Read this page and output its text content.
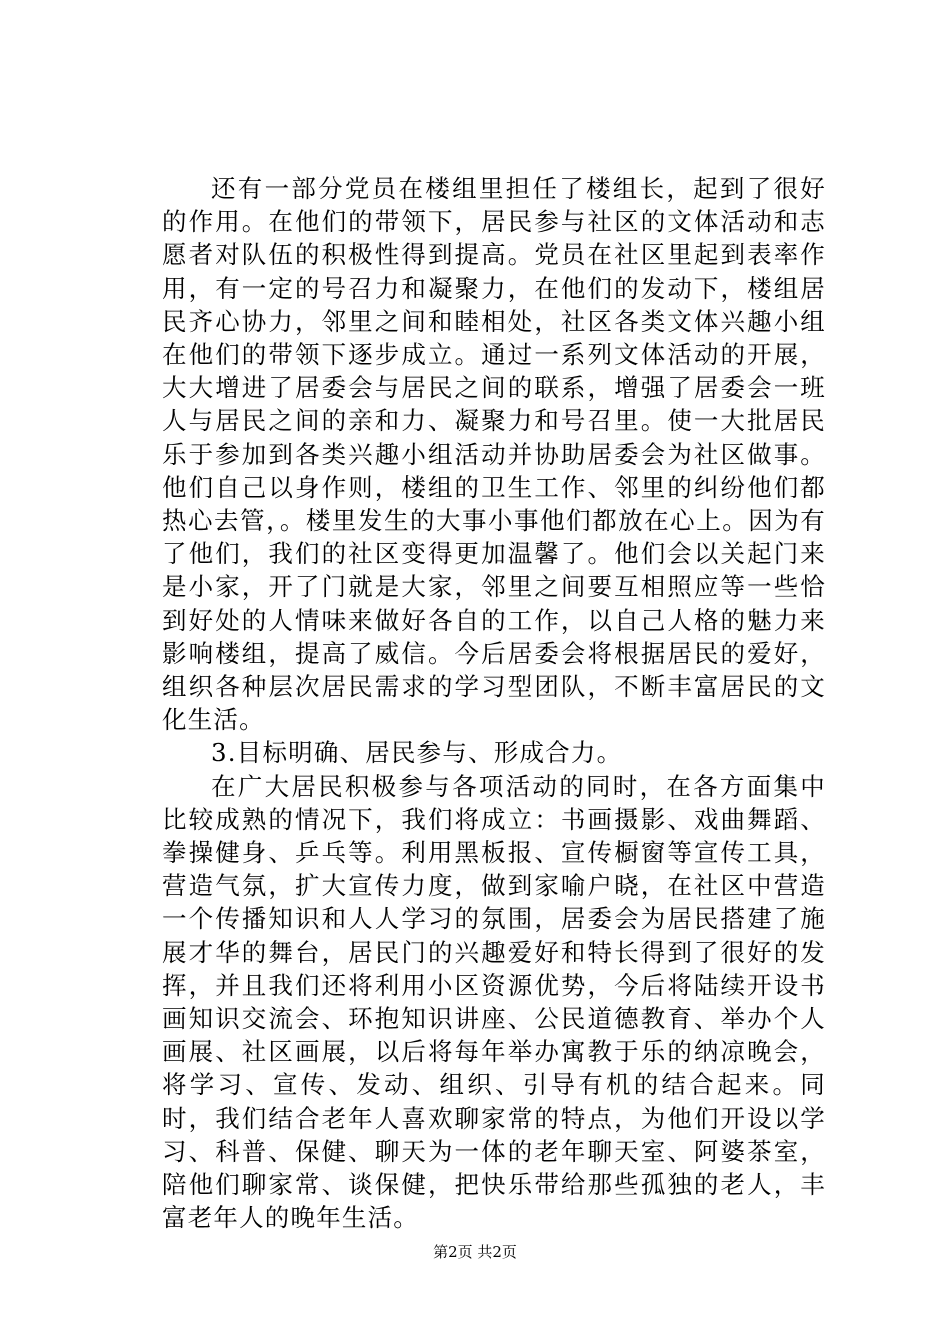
还有一部分党员在楼组里担任了楼组长，起到了很好的作用。在他们的带领下，居民参与社区的文体活动和志愿者对队伍的积极性得到提高。党员在社区里起到表率作用，有一定的号召力和凝聚力，在他们的发动下，楼组居民齐心协力，邻里之间和睦相处，社区各类文体兴趣小组在他们的带领下逐步成立。通过一系列文体活动的开展，大大增进了居委会与居民之间的联系，增强了居委会一班人与居民之间的亲和力、凝聚力和号召里。使一大批居民乐于参加到各类兴趣小组活动并协助居委会为社区做事。他们自己以身作则，楼组的卫生工作、邻里的纠纷他们都热心去管，。楼里发生的大事小事他们都放在心上。因为有了他们，我们的社区变得更加温馨了。他们会以关起门来是小家，开了门就是大家，邻里之间要互相照应等一些恰到好处的人情味来做好各自的工作，以自己人格的魅力来影响楼组，提高了威信。今后居委会将根据居民的爱好，组织各种层次居民需求的学习型团队，不断丰富居民的文化生活。

3.目标明确、居民参与、形成合力。

在广大居民积极参与各项活动的同时，在各方面集中比较成熟的情况下，我们将成立：书画摄影、戏曲舞蹈、拳操健身、乒乓等。利用黑板报、宣传橱窗等宣传工具，营造气氛，扩大宣传力度，做到家喻户晓，在社区中营造一个传播知识和人人学习的氛围，居委会为居民搭建了施展才华的舞台，居民门的兴趣爱好和特长得到了很好的发挥，并且我们还将利用小区资源优势，今后将陆续开设书画知识交流会、环抱知识讲座、公民道德教育、举办个人画展、社区画展，以后将每年举办寓教于乐的纳凉晚会，将学习、宣传、发动、组织、引导有机的结合起来。同时，我们结合老年人喜欢聊家常的特点，为他们开设以学习、科普、保健、聊天为一体的老年聊天室、阿婆茶室，陪他们聊家常、谈保健，把快乐带给那些孤独的老人，丰富老年人的晚年生活。

第2页 共2页
